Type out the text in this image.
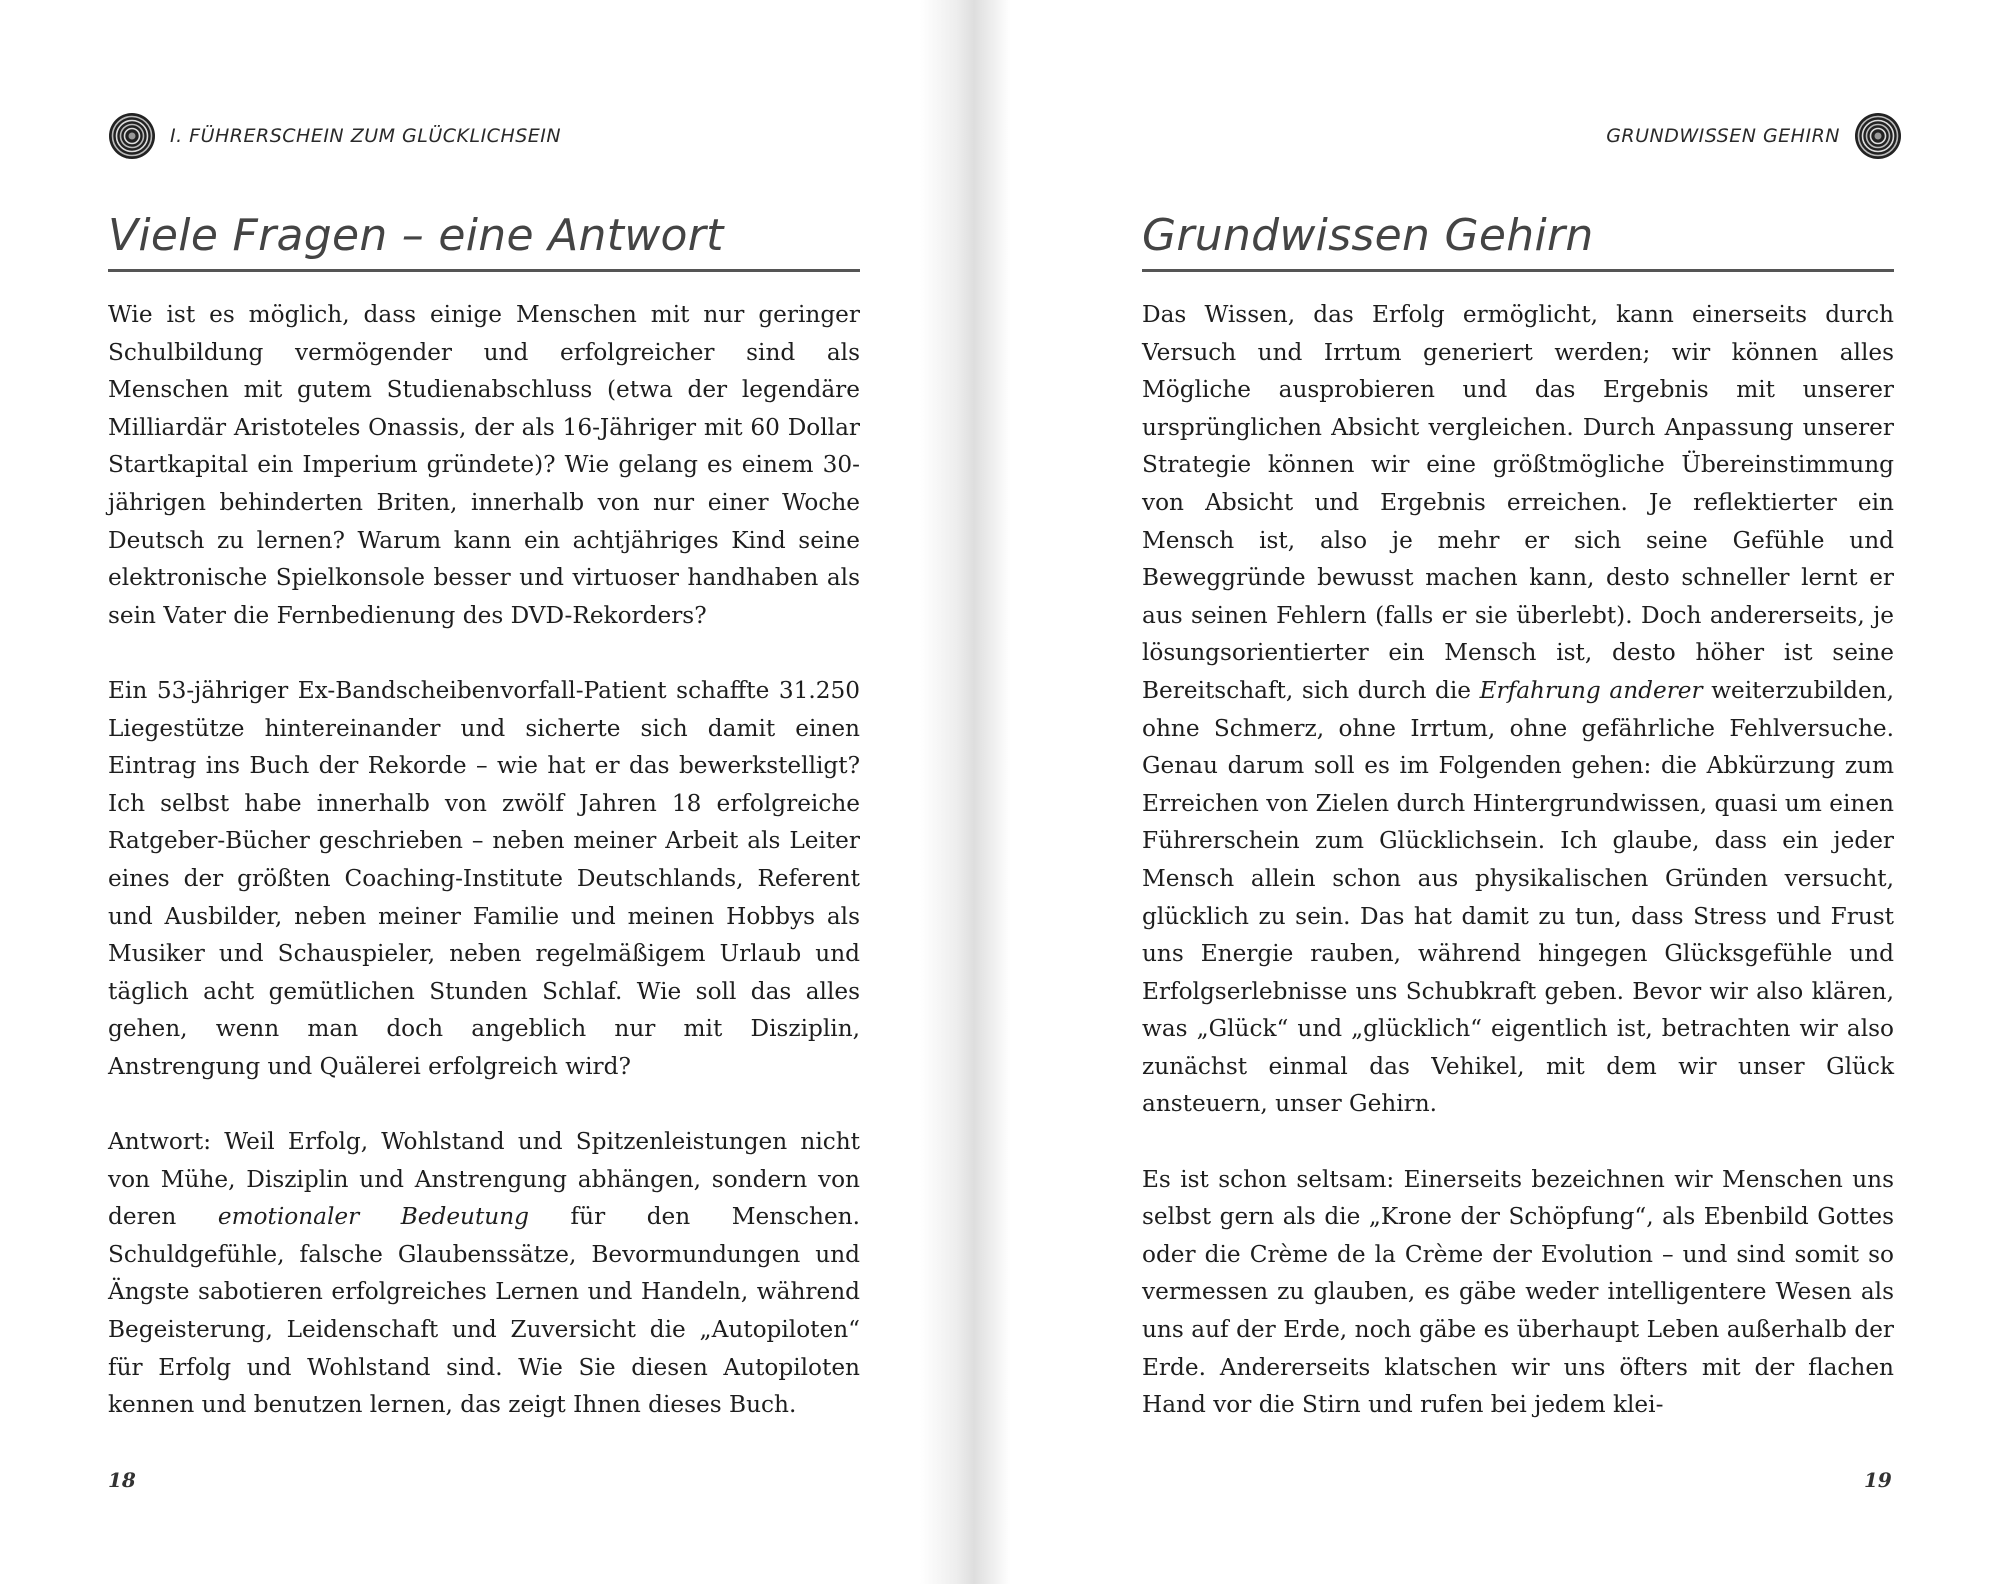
I. FÜHRERSCHEIN ZUM GLÜCKLICHSEIN
Viele Fragen – eine Antwort

Wie ist es möglich, dass einige Menschen mit nur geringer Schulbildung vermögender und erfolgreicher sind als Menschen mit gutem Studienabschluss (etwa der legendäre Milliardär Aristoteles Onassis, der als 16-Jähriger mit 60 Dollar Startkapital ein Imperium gründete)? Wie gelang es einem 30-jährigen behinderten Briten, innerhalb von nur einer Woche Deutsch zu lernen? Warum kann ein achtjähriges Kind seine elektronische Spielkonsole besser und virtuoser handhaben als sein Vater die Fernbedienung des DVD-Rekorders?

Ein 53-jähriger Ex-Bandscheibenvorfall-Patient schaffte 31.250 Liegestütze hintereinander und sicherte sich damit einen Eintrag ins Buch der Rekorde – wie hat er das bewerkstelligt? Ich selbst habe innerhalb von zwölf Jahren 18 erfolgreiche Ratgeber-Bücher geschrieben – neben meiner Arbeit als Leiter eines der größten Coaching-Institute Deutschlands, Referent und Ausbilder, neben meiner Familie und meinen Hobbys als Musiker und Schauspieler, neben regelmäßigem Urlaub und täglich acht gemütlichen Stunden Schlaf. Wie soll das alles gehen, wenn man doch angeblich nur mit Disziplin, Anstrengung und Quälerei erfolgreich wird?

Antwort: Weil Erfolg, Wohlstand und Spitzenleistungen nicht von Mühe, Disziplin und Anstrengung abhängen, sondern von deren emotionaler Bedeutung für den Menschen. Schuldgefühle, falsche Glaubenssätze, Bevormundungen und Ängste sabotieren erfolgreiches Lernen und Handeln, während Begeisterung, Leidenschaft und Zuversicht die „Autopiloten“ für Erfolg und Wohlstand sind. Wie Sie diesen Autopiloten kennen und benutzen lernen, das zeigt Ihnen dieses Buch.

18
GRUNDWISSEN GEHIRN
Grundwissen Gehirn

Das Wissen, das Erfolg ermöglicht, kann einerseits durch Versuch und Irrtum generiert werden; wir können alles Mögliche ausprobieren und das Ergebnis mit unserer ursprünglichen Absicht vergleichen. Durch Anpassung unserer Strategie können wir eine größtmögliche Übereinstimmung von Absicht und Ergebnis erreichen. Je reflektierter ein Mensch ist, also je mehr er sich seine Gefühle und Beweggründe bewusst machen kann, desto schneller lernt er aus seinen Fehlern (falls er sie überlebt). Doch andererseits, je lösungsorientierter ein Mensch ist, desto höher ist seine Bereitschaft, sich durch die Erfahrung anderer weiterzubilden, ohne Schmerz, ohne Irrtum, ohne gefährliche Fehlversuche. Genau darum soll es im Folgenden gehen: die Abkürzung zum Erreichen von Zielen durch Hintergrundwissen, quasi um einen Führerschein zum Glücklichsein. Ich glaube, dass ein jeder Mensch allein schon aus physikalischen Gründen versucht, glücklich zu sein. Das hat damit zu tun, dass Stress und Frust uns Energie rauben, während hingegen Glücksgefühle und Erfolgserlebnisse uns Schubkraft geben. Bevor wir also klären, was „Glück“ und „glücklich“ eigentlich ist, betrachten wir also zunächst einmal das Vehikel, mit dem wir unser Glück ansteuern, unser Gehirn.

Es ist schon seltsam: Einerseits bezeichnen wir Menschen uns selbst gern als die „Krone der Schöpfung“, als Ebenbild Gottes oder die Crème de la Crème der Evolution – und sind somit so vermessen zu glauben, es gäbe weder intelligentere Wesen als uns auf der Erde, noch gäbe es überhaupt Leben außerhalb der Erde. Andererseits klatschen wir uns öfters mit der flachen Hand vor die Stirn und rufen bei jedem klei-

19
